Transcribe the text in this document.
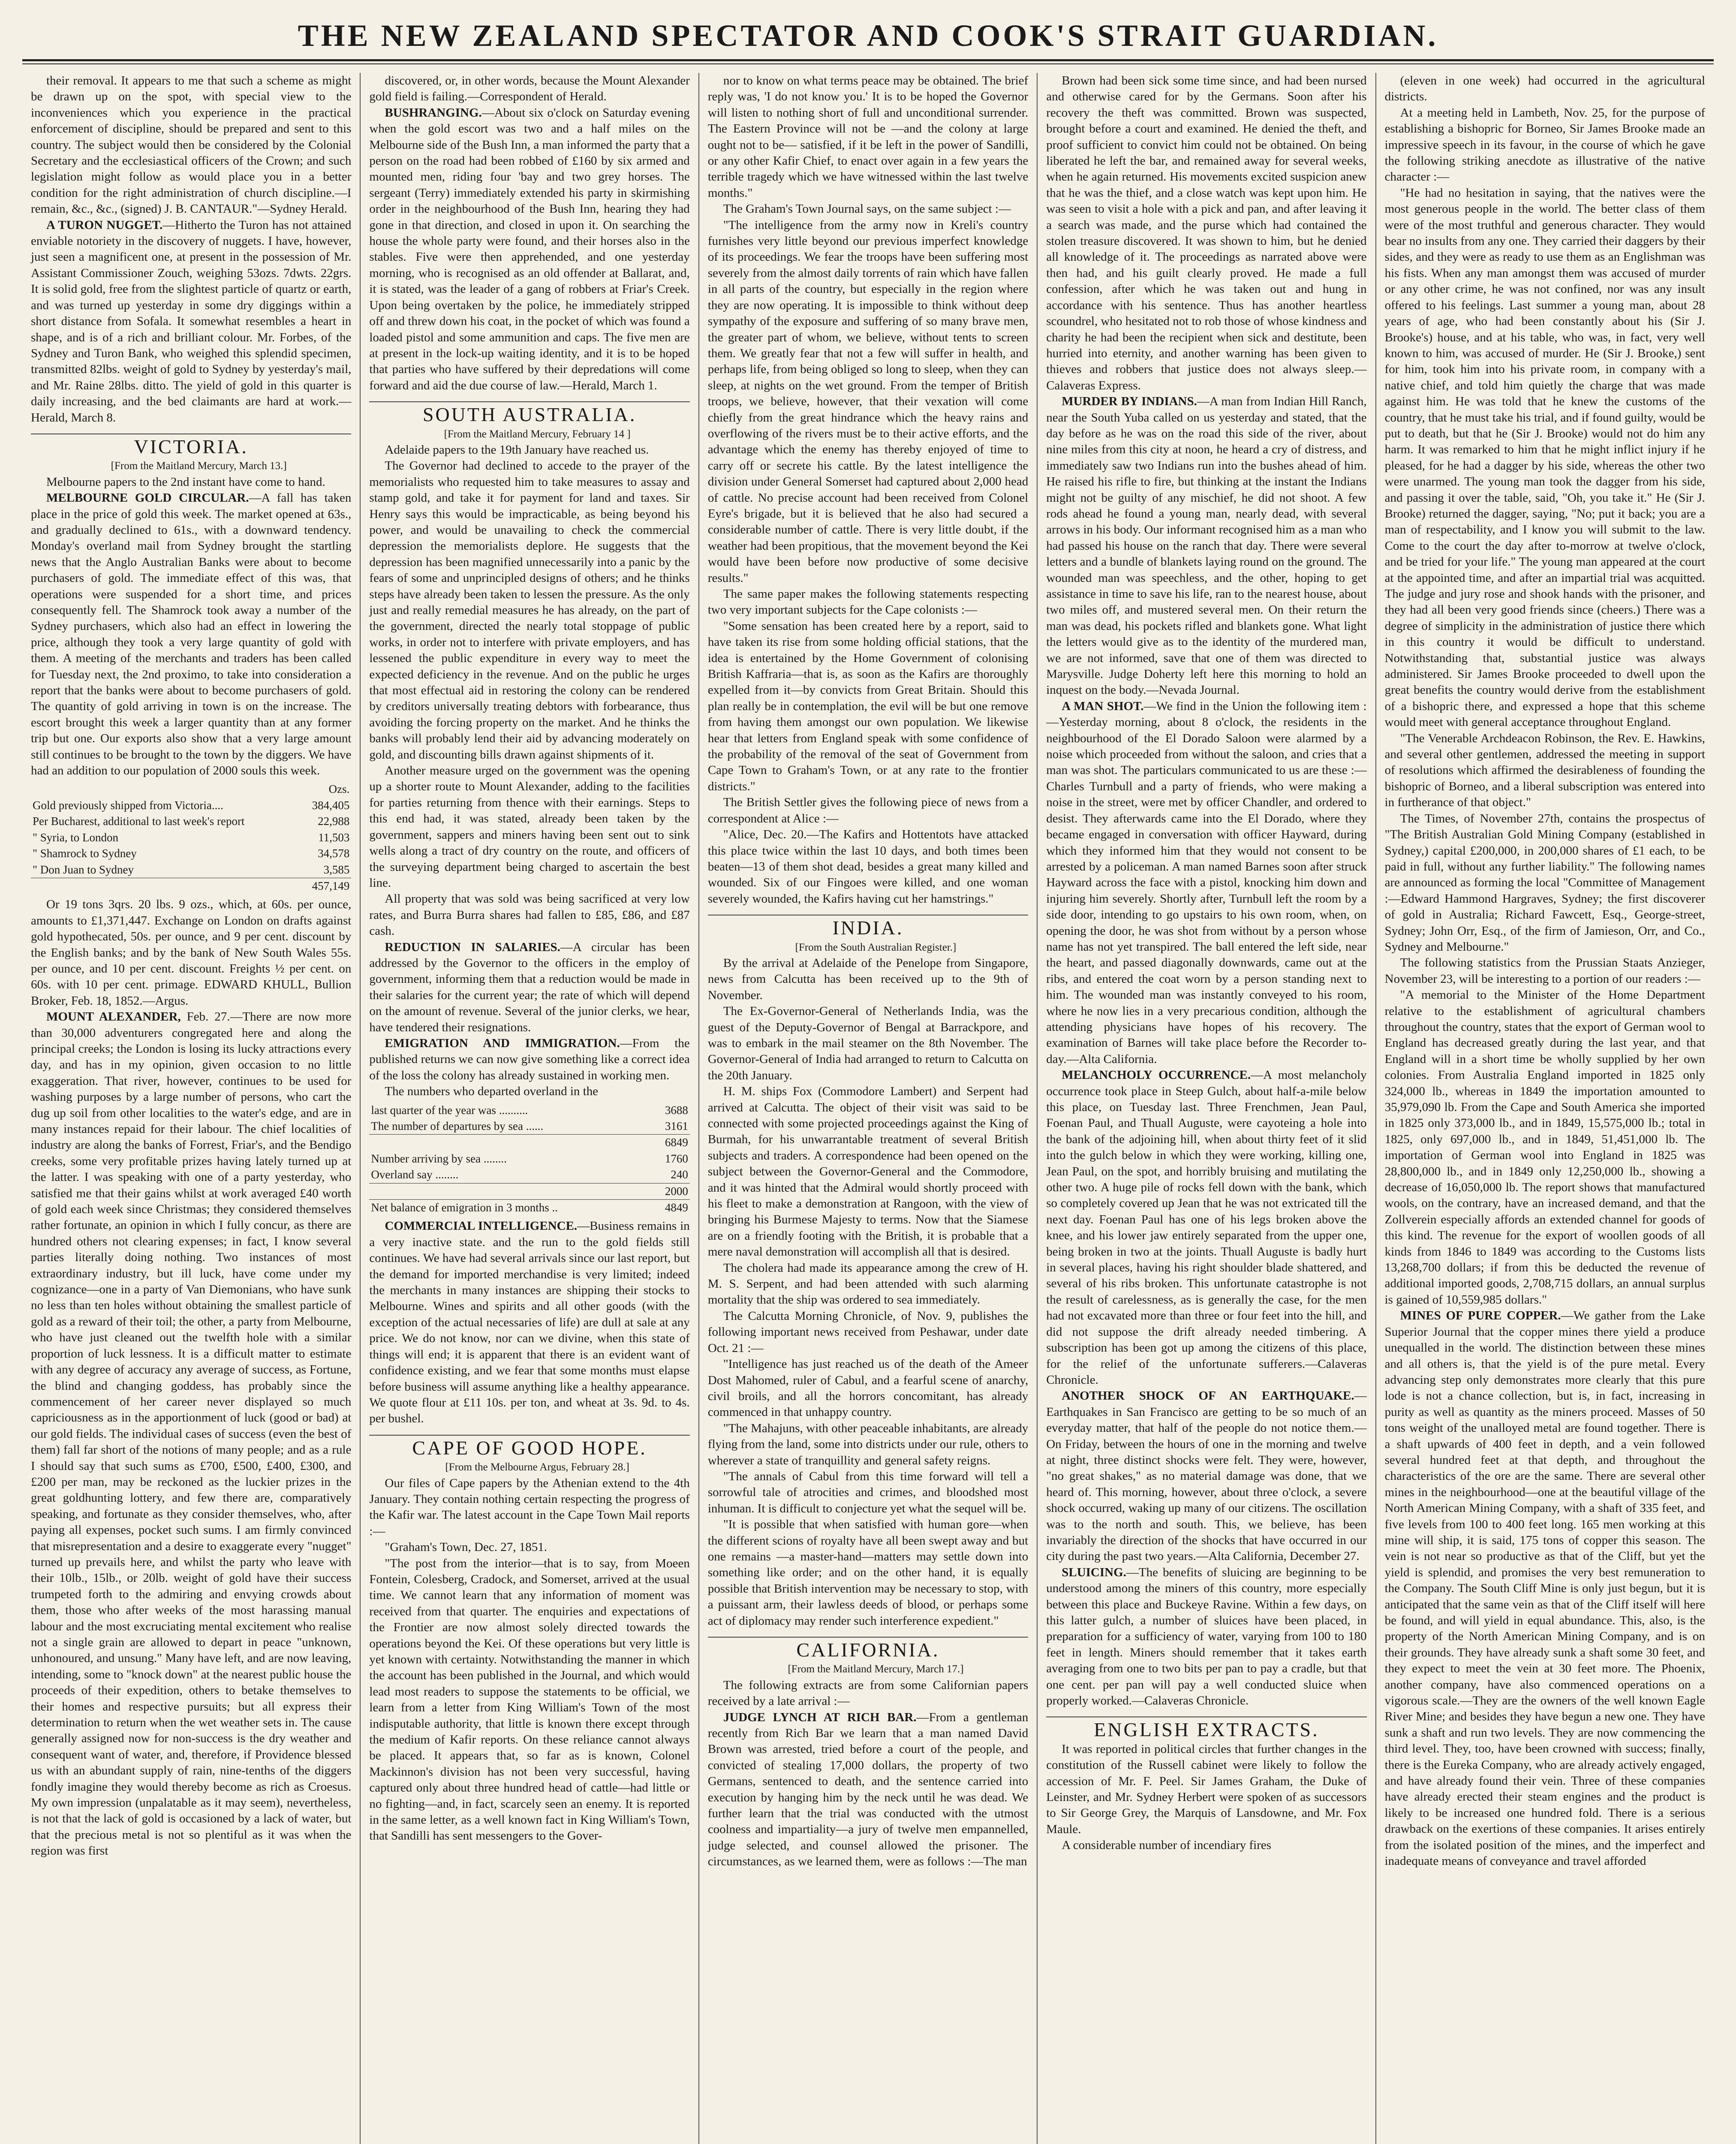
THE NEW ZEALAND SPECTATOR AND COOK'S STRAIT GUARDIAN.

their removal. It appears to me that such a scheme as might be drawn up on the spot, with special view to the inconveniences which you experience in the practical enforcement of discipline, should be prepared and sent to this country. The subject would then be considered by the Colonial Secretary and the ecclesiastical officers of the Crown; and such legislation might follow as would place you in a better condition for the right administration of church discipline.—I remain, &c., &c., (signed) J. B. CANTAUR."—Sydney Herald.

A TURON NUGGET.—Hitherto the Turon has not attained enviable notoriety in the discovery of nuggets. I have, however, just seen a magnificent one, at present in the possession of Mr. Assistant Commissioner Zouch, weighing 53ozs. 7dwts. 22grs. It is solid gold, free from the slightest particle of quartz or earth, and was turned up yesterday in some dry diggings within a short distance from Sofala. It somewhat resembles a heart in shape, and is of a rich and brilliant colour. Mr. Forbes, of the Sydney and Turon Bank, who weighed this splendid specimen, transmitted 82lbs. weight of gold to Sydney by yesterday's mail, and Mr. Raine 28lbs. ditto. The yield of gold in this quarter is daily increasing, and the bed claimants are hard at work.—Herald, March 8.

VICTORIA.

[From the Maitland Mercury, March 13.]

Melbourne papers to the 2nd instant have come to hand.

MELBOURNE GOLD CIRCULAR.—A fall has taken place in the price of gold this week. The market opened at 63s., and gradually declined to 61s., with a downward tendency. Monday's overland mail from Sydney brought the startling news that the Anglo Australian Banks were about to become purchasers of gold. The immediate effect of this was, that operations were suspended for a short time, and prices consequently fell. The Shamrock took away a number of the Sydney purchasers, which also had an effect in lowering the price, although they took a very large quantity of gold with them. A meeting of the merchants and traders has been called for Tuesday next, the 2nd proximo, to take into consideration a report that the banks were about to become purchasers of gold. The quantity of gold arriving in town is on the increase. The escort brought this week a larger quantity than at any former trip but one. Our exports also show that a very large amount still continues to be brought to the town by the diggers. We have had an addition to our population of 2000 souls this week.

	Ozs.
Gold previously shipped from Victoria....	384,405
Per Bucharest, additional to last week's report	22,988
" Syria, to London	11,503
" Shamrock to Sydney	34,578
" Don Juan to Sydney	3,585
	457,149

Or 19 tons 3qrs. 20 lbs. 9 ozs., which, at 60s. per ounce, amounts to £1,371,447. Exchange on London on drafts against gold hypothecated, 50s. per ounce, and 9 per cent. discount by the English banks; and by the bank of New South Wales 55s. per ounce, and 10 per cent. discount. Freights ½ per cent. on 60s. with 10 per cent. primage. EDWARD KHULL, Bullion Broker, Feb. 18, 1852.—Argus.

MOUNT ALEXANDER, Feb. 27.—There are now more than 30,000 adventurers congregated here and along the principal creeks; the London is losing its lucky attractions every day, and has in my opinion, given occasion to no little exaggeration. That river, however, continues to be used for washing purposes by a large number of persons, who cart the dug up soil from other localities to the water's edge, and are in many instances repaid for their labour. The chief localities of industry are along the banks of Forrest, Friar's, and the Bendigo creeks, some very profitable prizes having lately turned up at the latter. I was speaking with one of a party yesterday, who satisfied me that their gains whilst at work averaged £40 worth of gold each week since Christmas; they considered themselves rather fortunate, an opinion in which I fully concur, as there are hundred others not clearing expenses; in fact, I know several parties literally doing nothing. Two instances of most extraordinary industry, but ill luck, have come under my cognizance—one in a party of Van Diemonians, who have sunk no less than ten holes without obtaining the smallest particle of gold as a reward of their toil; the other, a party from Melbourne, who have just cleaned out the twelfth hole with a similar proportion of luck lessness. It is a difficult matter to estimate with any degree of accuracy any average of success, as Fortune, the blind and changing goddess, has probably since the commencement of her career never displayed so much capriciousness as in the apportionment of luck (good or bad) at our gold fields. The individual cases of success (even the best of them) fall far short of the notions of many people; and as a rule I should say that such sums as £700, £500, £400, £300, and £200 per man, may be reckoned as the luckier prizes in the great goldhunting lottery, and few there are, comparatively speaking, and fortunate as they consider themselves, who, after paying all expenses, pocket such sums. I am firmly convinced that misrepresentation and a desire to exaggerate every "nugget" turned up prevails here, and whilst the party who leave with their 10lb., 15lb., or 20lb. weight of gold have their success trumpeted forth to the admiring and envying crowds about them, those who after weeks of the most harassing manual labour and the most excruciating mental excitement who realise not a single grain are allowed to depart in peace "unknown, unhonoured, and unsung." Many have left, and are now leaving, intending, some to "knock down" at the nearest public house the proceeds of their expedition, others to betake themselves to their homes and respective pursuits; but all express their determination to return when the wet weather sets in. The cause generally assigned now for non-success is the dry weather and consequent want of water, and, therefore, if Providence blessed us with an abundant supply of rain, nine-tenths of the diggers fondly imagine they would thereby become as rich as Croesus. My own impression (unpalatable as it may seem), nevertheless, is not that the lack of gold is occasioned by a lack of water, but that the precious metal is not so plentiful as it was when the region was first

discovered, or, in other words, because the Mount Alexander gold field is failing.—Correspondent of Herald.

BUSHRANGING.—About six o'clock on Saturday evening when the gold escort was two and a half miles on the Melbourne side of the Bush Inn, a man informed the party that a person on the road had been robbed of £160 by six armed and mounted men, riding four 'bay and two grey horses. The sergeant (Terry) immediately extended his party in skirmishing order in the neighbourhood of the Bush Inn, hearing they had gone in that direction, and closed in upon it. On searching the house the whole party were found, and their horses also in the stables. Five were then apprehended, and one yesterday morning, who is recognised as an old offender at Ballarat, and, it is stated, was the leader of a gang of robbers at Friar's Creek. Upon being overtaken by the police, he immediately stripped off and threw down his coat, in the pocket of which was found a loaded pistol and some ammunition and caps. The five men are at present in the lock-up waiting identity, and it is to be hoped that parties who have suffered by their depredations will come forward and aid the due course of law.—Herald, March 1.

SOUTH AUSTRALIA.

[From the Maitland Mercury, February 14 ]

Adelaide papers to the 19th January have reached us.

The Governor had declined to accede to the prayer of the memorialists who requested him to take measures to assay and stamp gold, and take it for payment for land and taxes. Sir Henry says this would be impracticable, as being beyond his power, and would be unavailing to check the commercial depression the memorialists deplore. He suggests that the depression has been magnified unnecessarily into a panic by the fears of some and unprincipled designs of others; and he thinks steps have already been taken to lessen the pressure. As the only just and really remedial measures he has already, on the part of the government, directed the nearly total stoppage of public works, in order not to interfere with private employers, and has lessened the public expenditure in every way to meet the expected deficiency in the revenue. And on the public he urges that most effectual aid in restoring the colony can be rendered by creditors universally treating debtors with forbearance, thus avoiding the forcing property on the market. And he thinks the banks will probably lend their aid by advancing moderately on gold, and discounting bills drawn against shipments of it.

Another measure urged on the government was the opening up a shorter route to Mount Alexander, adding to the facilities for parties returning from thence with their earnings. Steps to this end had, it was stated, already been taken by the government, sappers and miners having been sent out to sink wells along a tract of dry country on the route, and officers of the surveying department being charged to ascertain the best line.

All property that was sold was being sacrificed at very low rates, and Burra Burra shares had fallen to £85, £86, and £87 cash.

REDUCTION IN SALARIES.—A circular has been addressed by the Governor to the officers in the employ of government, informing them that a reduction would be made in their salaries for the current year; the rate of which will depend on the amount of revenue. Several of the junior clerks, we hear, have tendered their resignations.

EMIGRATION AND IMMIGRATION.—From the published returns we can now give something like a correct idea of the loss the colony has already sustained in working men.

The numbers who departed overland in the

last quarter of the year was ..........	3688
The number of departures by sea ......	3161
	6849
Number arriving by sea ........	1760
Overland say ........	240
	2000
Net balance of emigration in 3 months ..	4849

COMMERCIAL INTELLIGENCE.—Business remains in a very inactive state. and the run to the gold fields still continues. We have had several arrivals since our last report, but the demand for imported merchandise is very limited; indeed the merchants in many instances are shipping their stocks to Melbourne. Wines and spirits and all other goods (with the exception of the actual necessaries of life) are dull at sale at any price. We do not know, nor can we divine, when this state of things will end; it is apparent that there is an evident want of confidence existing, and we fear that some months must elapse before business will assume anything like a healthy appearance. We quote flour at £11 10s. per ton, and wheat at 3s. 9d. to 4s. per bushel.

CAPE OF GOOD HOPE.

[From the Melbourne Argus, February 28.]

Our files of Cape papers by the Athenian extend to the 4th January. They contain nothing certain respecting the progress of the Kafir war. The latest account in the Cape Town Mail reports :—

"Graham's Town, Dec. 27, 1851.

"The post from the interior—that is to say, from Moeen Fontein, Colesberg, Cradock, and Somerset, arrived at the usual time. We cannot learn that any information of moment was received from that quarter. The enquiries and expectations of the Frontier are now almost solely directed towards the operations beyond the Kei. Of these operations but very little is yet known with certainty. Notwithstanding the manner in which the account has been published in the Journal, and which would lead most readers to suppose the statements to be official, we learn from a letter from King William's Town of the most indisputable authority, that little is known there except through the medium of Kafir reports. On these reliance cannot always be placed. It appears that, so far as is known, Colonel Mackinnon's division has not been very successful, having captured only about three hundred head of cattle—had little or no fighting—and, in fact, scarcely seen an enemy. It is reported in the same letter, as a well known fact in King William's Town, that Sandilli has sent messengers to the Gover-

nor to know on what terms peace may be obtained. The brief reply was, 'I do not know you.' It is to be hoped the Governor will listen to nothing short of full and unconditional surrender. The Eastern Province will not be —and the colony at large ought not to be— satisfied, if it be left in the power of Sandilli, or any other Kafir Chief, to enact over again in a few years the terrible tragedy which we have witnessed within the last twelve months."

The Graham's Town Journal says, on the same subject :—

"The intelligence from the army now in Kreli's country furnishes very little beyond our previous imperfect knowledge of its proceedings. We fear the troops have been suffering most severely from the almost daily torrents of rain which have fallen in all parts of the country, but especially in the region where they are now operating. It is impossible to think without deep sympathy of the exposure and suffering of so many brave men, the greater part of whom, we believe, without tents to screen them. We greatly fear that not a few will suffer in health, and perhaps life, from being obliged so long to sleep, when they can sleep, at nights on the wet ground. From the temper of British troops, we believe, however, that their vexation will come chiefly from the great hindrance which the heavy rains and overflowing of the rivers must be to their active efforts, and the advantage which the enemy has thereby enjoyed of time to carry off or secrete his cattle. By the latest intelligence the division under General Somerset had captured about 2,000 head of cattle. No precise account had been received from Colonel Eyre's brigade, but it is believed that he also had secured a considerable number of cattle. There is very little doubt, if the weather had been propitious, that the movement beyond the Kei would have been before now productive of some decisive results."

The same paper makes the following statements respecting two very important subjects for the Cape colonists :—

"Some sensation has been created here by a report, said to have taken its rise from some holding official stations, that the idea is entertained by the Home Government of colonising British Kaffraria—that is, as soon as the Kafirs are thoroughly expelled from it—by convicts from Great Britain. Should this plan really be in contemplation, the evil will be but one remove from having them amongst our own population. We likewise hear that letters from England speak with some confidence of the probability of the removal of the seat of Government from Cape Town to Graham's Town, or at any rate to the frontier districts."

The British Settler gives the following piece of news from a correspondent at Alice :—

"Alice, Dec. 20.—The Kafirs and Hottentots have attacked this place twice within the last 10 days, and both times been beaten—13 of them shot dead, besides a great many killed and wounded. Six of our Fingoes were killed, and one woman severely wounded, the Kafirs having cut her hamstrings."

INDIA.

[From the South Australian Register.]

By the arrival at Adelaide of the Penelope from Singapore, news from Calcutta has been received up to the 9th of November.

The Ex-Governor-General of Netherlands India, was the guest of the Deputy-Governor of Bengal at Barrackpore, and was to embark in the mail steamer on the 8th November. The Governor-General of India had arranged to return to Calcutta on the 20th January.

H. M. ships Fox (Commodore Lambert) and Serpent had arrived at Calcutta. The object of their visit was said to be connected with some projected proceedings against the King of Burmah, for his unwarrantable treatment of several British subjects and traders. A correspondence had been opened on the subject between the Governor-General and the Commodore, and it was hinted that the Admiral would shortly proceed with his fleet to make a demonstration at Rangoon, with the view of bringing his Burmese Majesty to terms. Now that the Siamese are on a friendly footing with the British, it is probable that a mere naval demonstration will accomplish all that is desired.

The cholera had made its appearance among the crew of H. M. S. Serpent, and had been attended with such alarming mortality that the ship was ordered to sea immediately.

The Calcutta Morning Chronicle, of Nov. 9, publishes the following important news received from Peshawar, under date Oct. 21 :—

"Intelligence has just reached us of the death of the Ameer Dost Mahomed, ruler of Cabul, and a fearful scene of anarchy, civil broils, and all the horrors concomitant, has already commenced in that unhappy country.

"The Mahajuns, with other peaceable inhabitants, are already flying from the land, some into districts under our rule, others to wherever a state of tranquillity and general safety reigns.

"The annals of Cabul from this time forward will tell a sorrowful tale of atrocities and crimes, and bloodshed most inhuman. It is difficult to conjecture yet what the sequel will be.

"It is possible that when satisfied with human gore—when the different scions of royalty have all been swept away and but one remains —a master-hand—matters may settle down into something like order; and on the other hand, it is equally possible that British intervention may be necessary to stop, with a puissant arm, their lawless deeds of blood, or perhaps some act of diplomacy may render such interference expedient."

CALIFORNIA.

[From the Maitland Mercury, March 17.]

The following extracts are from some Californian papers received by a late arrival :—

JUDGE LYNCH AT RICH BAR.—From a gentleman recently from Rich Bar we learn that a man named David Brown was arrested, tried before a court of the people, and convicted of stealing 17,000 dollars, the property of two Germans, sentenced to death, and the sentence carried into execution by hanging him by the neck until he was dead. We further learn that the trial was conducted with the utmost coolness and impartiality—a jury of twelve men empannelled, judge selected, and counsel allowed the prisoner. The circumstances, as we learned them, were as follows :—The man

Brown had been sick some time since, and had been nursed and otherwise cared for by the Germans. Soon after his recovery the theft was committed. Brown was suspected, brought before a court and examined. He denied the theft, and proof sufficient to convict him could not be obtained. On being liberated he left the bar, and remained away for several weeks, when he again returned. His movements excited suspicion anew that he was the thief, and a close watch was kept upon him. He was seen to visit a hole with a pick and pan, and after leaving it a search was made, and the purse which had contained the stolen treasure discovered. It was shown to him, but he denied all knowledge of it. The proceedings as narrated above were then had, and his guilt clearly proved. He made a full confession, after which he was taken out and hung in accordance with his sentence. Thus has another heartless scoundrel, who hesitated not to rob those of whose kindness and charity he had been the recipient when sick and destitute, been hurried into eternity, and another warning has been given to thieves and robbers that justice does not always sleep.—Calaveras Express.

MURDER BY INDIANS.—A man from Indian Hill Ranch, near the South Yuba called on us yesterday and stated, that the day before as he was on the road this side of the river, about nine miles from this city at noon, he heard a cry of distress, and immediately saw two Indians run into the bushes ahead of him. He raised his rifle to fire, but thinking at the instant the Indians might not be guilty of any mischief, he did not shoot. A few rods ahead he found a young man, nearly dead, with several arrows in his body. Our informant recognised him as a man who had passed his house on the ranch that day. There were several letters and a bundle of blankets laying round on the ground. The wounded man was speechless, and the other, hoping to get assistance in time to save his life, ran to the nearest house, about two miles off, and mustered several men. On their return the man was dead, his pockets rifled and blankets gone. What light the letters would give as to the identity of the murdered man, we are not informed, save that one of them was directed to Marysville. Judge Doherty left here this morning to hold an inquest on the body.—Nevada Journal.

A MAN SHOT.—We find in the Union the following item :—Yesterday morning, about 8 o'clock, the residents in the neighbourhood of the El Dorado Saloon were alarmed by a noise which proceeded from without the saloon, and cries that a man was shot. The particulars communicated to us are these :—Charles Turnbull and a party of friends, who were making a noise in the street, were met by officer Chandler, and ordered to desist. They afterwards came into the El Dorado, where they became engaged in conversation with officer Hayward, during which they informed him that they would not consent to be arrested by a policeman. A man named Barnes soon after struck Hayward across the face with a pistol, knocking him down and injuring him severely. Shortly after, Turnbull left the room by a side door, intending to go upstairs to his own room, when, on opening the door, he was shot from without by a person whose name has not yet transpired. The ball entered the left side, near the heart, and passed diagonally downwards, came out at the ribs, and entered the coat worn by a person standing next to him. The wounded man was instantly conveyed to his room, where he now lies in a very precarious condition, although the attending physicians have hopes of his recovery. The examination of Barnes will take place before the Recorder to-day.—Alta California.

MELANCHOLY OCCURRENCE.—A most melancholy occurrence took place in Steep Gulch, about half-a-mile below this place, on Tuesday last. Three Frenchmen, Jean Paul, Foenan Paul, and Thuall Auguste, were cayoteing a hole into the bank of the adjoining hill, when about thirty feet of it slid into the gulch below in which they were working, killing one, Jean Paul, on the spot, and horribly bruising and mutilating the other two. A huge pile of rocks fell down with the bank, which so completely covered up Jean that he was not extricated till the next day. Foenan Paul has one of his legs broken above the knee, and his lower jaw entirely separated from the upper one, being broken in two at the joints. Thuall Auguste is badly hurt in several places, having his right shoulder blade shattered, and several of his ribs broken. This unfortunate catastrophe is not the result of carelessness, as is generally the case, for the men had not excavated more than three or four feet into the hill, and did not suppose the drift already needed timbering. A subscription has been got up among the citizens of this place, for the relief of the unfortunate sufferers.—Calaveras Chronicle.

ANOTHER SHOCK OF AN EARTHQUAKE.—Earthquakes in San Francisco are getting to be so much of an everyday matter, that half of the people do not notice them.—On Friday, between the hours of one in the morning and twelve at night, three distinct shocks were felt. They were, however, "no great shakes," as no material damage was done, that we heard of. This morning, however, about three o'clock, a severe shock occurred, waking up many of our citizens. The oscillation was to the north and south. This, we believe, has been invariably the direction of the shocks that have occurred in our city during the past two years.—Alta California, December 27.

SLUICING.—The benefits of sluicing are beginning to be understood among the miners of this country, more especially between this place and Buckeye Ravine. Within a few days, on this latter gulch, a number of sluices have been placed, in preparation for a sufficiency of water, varying from 100 to 180 feet in length. Miners should remember that it takes earth averaging from one to two bits per pan to pay a cradle, but that one cent. per pan will pay a well conducted sluice when properly worked.—Calaveras Chronicle.

ENGLISH EXTRACTS.

It was reported in political circles that further changes in the constitution of the Russell cabinet were likely to follow the accession of Mr. F. Peel. Sir James Graham, the Duke of Leinster, and Mr. Sydney Herbert were spoken of as successors to Sir George Grey, the Marquis of Lansdowne, and Mr. Fox Maule.

A considerable number of incendiary fires

(eleven in one week) had occurred in the agricultural districts.

At a meeting held in Lambeth, Nov. 25, for the purpose of establishing a bishopric for Borneo, Sir James Brooke made an impressive speech in its favour, in the course of which he gave the following striking anecdote as illustrative of the native character :—

"He had no hesitation in saying, that the natives were the most generous people in the world. The better class of them were of the most truthful and generous character. They would bear no insults from any one. They carried their daggers by their sides, and they were as ready to use them as an Englishman was his fists. When any man amongst them was accused of murder or any other crime, he was not confined, nor was any insult offered to his feelings. Last summer a young man, about 28 years of age, who had been constantly about his (Sir J. Brooke's) house, and at his table, who was, in fact, very well known to him, was accused of murder. He (Sir J. Brooke,) sent for him, took him into his private room, in company with a native chief, and told him quietly the charge that was made against him. He was told that he knew the customs of the country, that he must take his trial, and if found guilty, would be put to death, but that he (Sir J. Brooke) would not do him any harm. It was remarked to him that he might inflict injury if he pleased, for he had a dagger by his side, whereas the other two were unarmed. The young man took the dagger from his side, and passing it over the table, said, "Oh, you take it." He (Sir J. Brooke) returned the dagger, saying, "No; put it back; you are a man of respectability, and I know you will submit to the law. Come to the court the day after to-morrow at twelve o'clock, and be tried for your life." The young man appeared at the court at the appointed time, and after an impartial trial was acquitted. The judge and jury rose and shook hands with the prisoner, and they had all been very good friends since (cheers.) There was a degree of simplicity in the administration of justice there which in this country it would be difficult to understand. Notwithstanding that, substantial justice was always administered. Sir James Brooke proceeded to dwell upon the great benefits the country would derive from the establishment of a bishopric there, and expressed a hope that this scheme would meet with general acceptance throughout England.

"The Venerable Archdeacon Robinson, the Rev. E. Hawkins, and several other gentlemen, addressed the meeting in support of resolutions which affirmed the desirableness of founding the bishopric of Borneo, and a liberal subscription was entered into in furtherance of that object."

The Times, of November 27th, contains the prospectus of "The British Australian Gold Mining Company (established in Sydney,) capital £200,000, in 200,000 shares of £1 each, to be paid in full, without any further liability." The following names are announced as forming the local "Committee of Management :—Edward Hammond Hargraves, Sydney; the first discoverer of gold in Australia; Richard Fawcett, Esq., George-street, Sydney; John Orr, Esq., of the firm of Jamieson, Orr, and Co., Sydney and Melbourne."

The following statistics from the Prussian Staats Anzieger, November 23, will be interesting to a portion of our readers :—

"A memorial to the Minister of the Home Department relative to the establishment of agricultural chambers throughout the country, states that the export of German wool to England has decreased greatly during the last year, and that England will in a short time be wholly supplied by her own colonies. From Australia England imported in 1825 only 324,000 lb., whereas in 1849 the importation amounted to 35,979,090 lb. From the Cape and South America she imported in 1825 only 373,000 lb., and in 1849, 15,575,000 lb.; total in 1825, only 697,000 lb., and in 1849, 51,451,000 lb. The importation of German wool into England in 1825 was 28,800,000 lb., and in 1849 only 12,250,000 lb., showing a decrease of 16,050,000 lb. The report shows that manufactured wools, on the contrary, have an increased demand, and that the Zollverein especially affords an extended channel for goods of this kind. The revenue for the export of woollen goods of all kinds from 1846 to 1849 was according to the Customs lists 13,268,700 dollars; if from this be deducted the revenue of additional imported goods, 2,708,715 dollars, an annual surplus is gained of 10,559,985 dollars."

MINES OF PURE COPPER.—We gather from the Lake Superior Journal that the copper mines there yield a produce unequalled in the world. The distinction between these mines and all others is, that the yield is of the pure metal. Every advancing step only demonstrates more clearly that this pure lode is not a chance collection, but is, in fact, increasing in purity as well as quantity as the miners proceed. Masses of 50 tons weight of the unalloyed metal are found together. There is a shaft upwards of 400 feet in depth, and a vein followed several hundred feet at that depth, and throughout the characteristics of the ore are the same. There are several other mines in the neighbourhood—one at the beautiful village of the North American Mining Company, with a shaft of 335 feet, and five levels from 100 to 400 feet long. 165 men working at this mine will ship, it is said, 175 tons of copper this season. The vein is not near so productive as that of the Cliff, but yet the yield is splendid, and promises the very best remuneration to the Company. The South Cliff Mine is only just begun, but it is anticipated that the same vein as that of the Cliff itself will here be found, and will yield in equal abundance. This, also, is the property of the North American Mining Company, and is on their grounds. They have already sunk a shaft some 30 feet, and they expect to meet the vein at 30 feet more. The Phoenix, another company, have also commenced operations on a vigorous scale.—They are the owners of the well known Eagle River Mine; and besides they have begun a new one. They have sunk a shaft and run two levels. They are now commencing the third level. They, too, have been crowned with success; finally, there is the Eureka Company, who are already actively engaged, and have already found their vein. Three of these companies have already erected their steam engines and the product is likely to be increased one hundred fold. There is a serious drawback on the exertions of these companies. It arises entirely from the isolated position of the mines, and the imperfect and inadequate means of conveyance and travel afforded
